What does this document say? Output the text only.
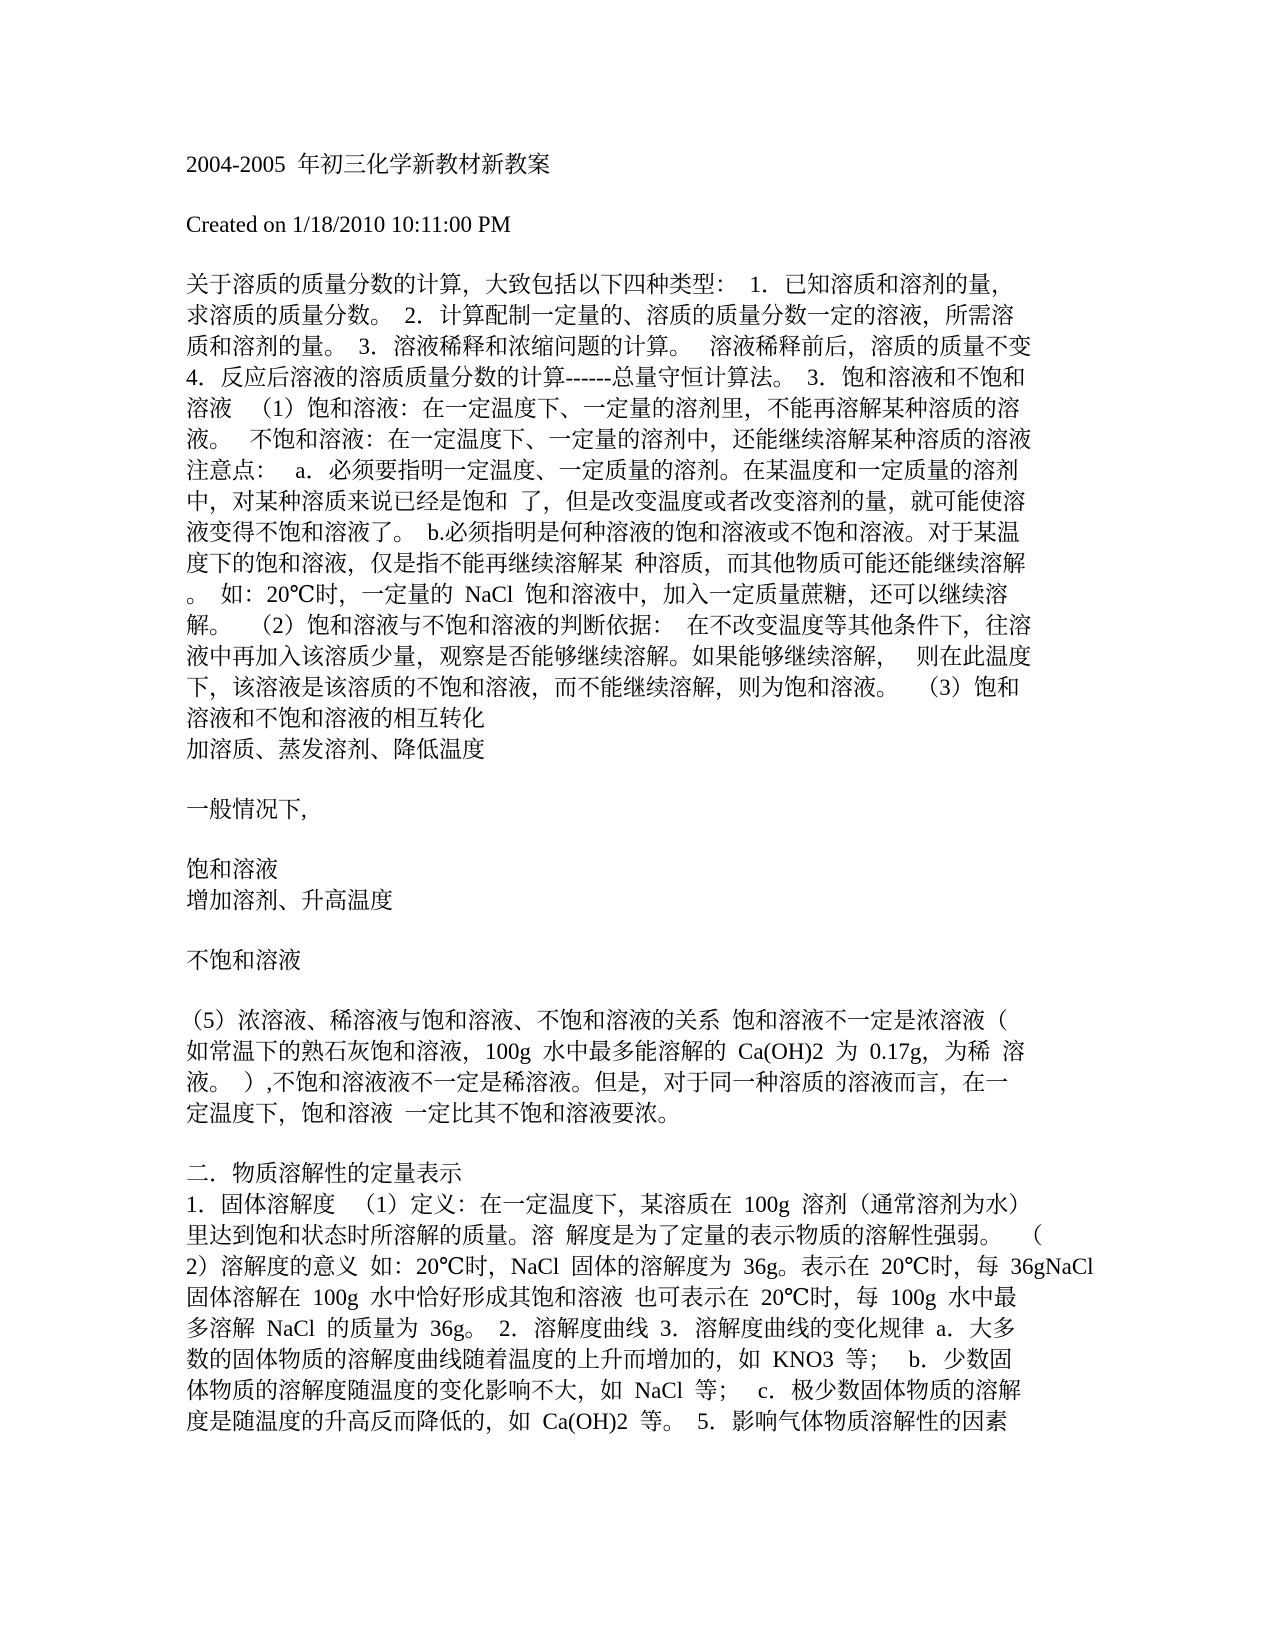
2004-2005  年初三化学新教材新教案
Created on 1/18/2010 10:11:00 PM
关于溶质的质量分数的计算，大致包括以下四种类型：  1．已知溶质和溶剂的量，
求溶质的质量分数。  2．计算配制一定量的、溶质的质量分数一定的溶液，所需溶
质和溶剂的量。  3．溶液稀释和浓缩问题的计算。   溶液稀释前后，溶质的质量不变
4．反应后溶液的溶质质量分数的计算------总量守恒计算法。  3．饱和溶液和不饱和
溶液   （1）饱和溶液：在一定温度下、一定量的溶剂里，不能再溶解某种溶质的溶
液。   不饱和溶液：在一定温度下、一定量的溶剂中，还能继续溶解某种溶质的溶液
注意点：   a．必须要指明一定温度、一定质量的溶剂。在某温度和一定质量的溶剂
中，对某种溶质来说已经是饱和  了，但是改变温度或者改变溶剂的量，就可能使溶
液变得不饱和溶液了。  b.必须指明是何种溶液的饱和溶液或不饱和溶液。对于某温
度下的饱和溶液，仅是指不能再继续溶解某  种溶质，而其他物质可能还能继续溶解
。  如：20℃时，一定量的  NaCl  饱和溶液中，加入一定质量蔗糖，还可以继续溶
解。   （2）饱和溶液与不饱和溶液的判断依据：  在不改变温度等其他条件下，往溶
液中再加入该溶质少量，观察是否能够继续溶解。如果能够继续溶解，   则在此温度
下，该溶液是该溶质的不饱和溶液，而不能继续溶解，则为饱和溶液。   （3）饱和
溶液和不饱和溶液的相互转化
加溶质、蒸发溶剂、降低温度
一般情况下,
饱和溶液
增加溶剂、升高温度
不饱和溶液
（5）浓溶液、稀溶液与饱和溶液、不饱和溶液的关系  饱和溶液不一定是浓溶液（
如常温下的熟石灰饱和溶液，100g  水中最多能溶解的  Ca(OH)2  为  0.17g，为稀  溶
液。  ）,不饱和溶液液不一定是稀溶液。但是，对于同一种溶质的溶液而言，在一
定温度下，饱和溶液  一定比其不饱和溶液要浓。
二．物质溶解性的定量表示
1．固体溶解度   （1）定义：在一定温度下，某溶质在  100g  溶剂（通常溶剂为水）
里达到饱和状态时所溶解的质量。溶  解度是为了定量的表示物质的溶解性强弱。   （
2）溶解度的意义  如：20℃时，NaCl  固体的溶解度为  36g。表示在  20℃时，每  36gNaCl
固体溶解在  100g  水中恰好形成其饱和溶液  也可表示在  20℃时，每  100g  水中最
多溶解  NaCl  的质量为  36g。  2．溶解度曲线  3．溶解度曲线的变化规律  a．大多
数的固体物质的溶解度曲线随着温度的上升而增加的，如  KNO3  等；   b．少数固
体物质的溶解度随温度的变化影响不大，如  NaCl  等；   c．极少数固体物质的溶解
度是随温度的升高反而降低的，如  Ca(OH)2  等。  5．影响气体物质溶解性的因素
